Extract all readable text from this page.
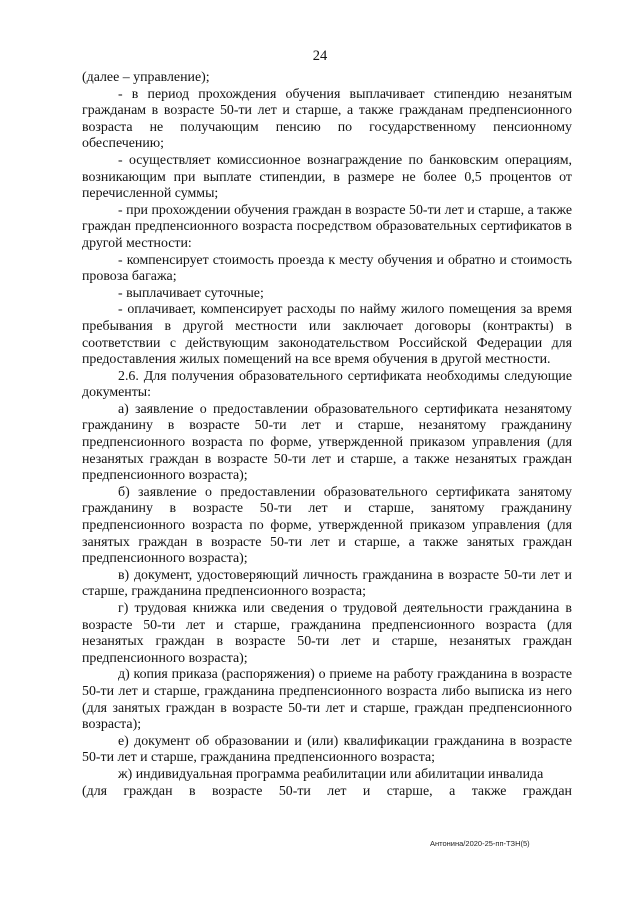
24

(далее – управление);

- в период прохождения обучения выплачивает стипендию незанятым гражданам в возрасте 50-ти лет и старше, а также гражданам предпенсионного возраста не получающим пенсию по государственному пенсионному обеспечению;

- осуществляет комиссионное вознаграждение по банковским операциям, возникающим при выплате стипендии, в размере не более 0,5 процентов от перечисленной суммы;

- при прохождении обучения граждан в возрасте 50-ти лет и старше, а также граждан предпенсионного возраста посредством образовательных сертификатов в другой местности:

- компенсирует стоимость проезда к месту обучения и обратно и стоимость провоза багажа;

- выплачивает суточные;

- оплачивает, компенсирует расходы по найму жилого помещения за время пребывания в другой местности или заключает договоры (контракты) в соответствии с действующим законодательством Российской Федерации для предоставления жилых помещений на все время обучения в другой местности.

2.6. Для получения образовательного сертификата необходимы следующие документы:

а) заявление о предоставлении образовательного сертификата незанятому гражданину в возрасте 50-ти лет и старше, незанятому гражданину предпенсионного возраста по форме, утвержденной приказом управления (для незанятых граждан в возрасте 50-ти лет и старше, а также незанятых граждан предпенсионного возраста);

б) заявление о предоставлении образовательного сертификата занятому гражданину в возрасте 50-ти лет и старше, занятому гражданину предпенсионного возраста по форме, утвержденной приказом управления (для занятых граждан в возрасте 50-ти лет и старше, а также занятых граждан предпенсионного возраста);

в) документ, удостоверяющий личность гражданина в возрасте 50-ти лет и старше, гражданина предпенсионного возраста;

г) трудовая книжка или сведения о трудовой деятельности гражданина в возрасте 50-ти лет и старше, гражданина предпенсионного возраста (для незанятых граждан в возрасте 50-ти лет и старше, незанятых граждан предпенсионного возраста);

д) копия приказа (распоряжения) о приеме на работу гражданина в возрасте 50-ти лет и старше, гражданина предпенсионного возраста либо выписка из него (для занятых граждан в возрасте 50-ти лет и старше, граждан предпенсионного возраста);

е) документ об образовании и (или) квалификации гражданина в возрасте 50-ти лет и старше, гражданина предпенсионного возраста;

ж) индивидуальная программа реабилитации или абилитации инвалида

(для граждан в возрасте 50-ти лет и старше, а также граждан
Антонина/2020-25-пп-ТЗН(5)
